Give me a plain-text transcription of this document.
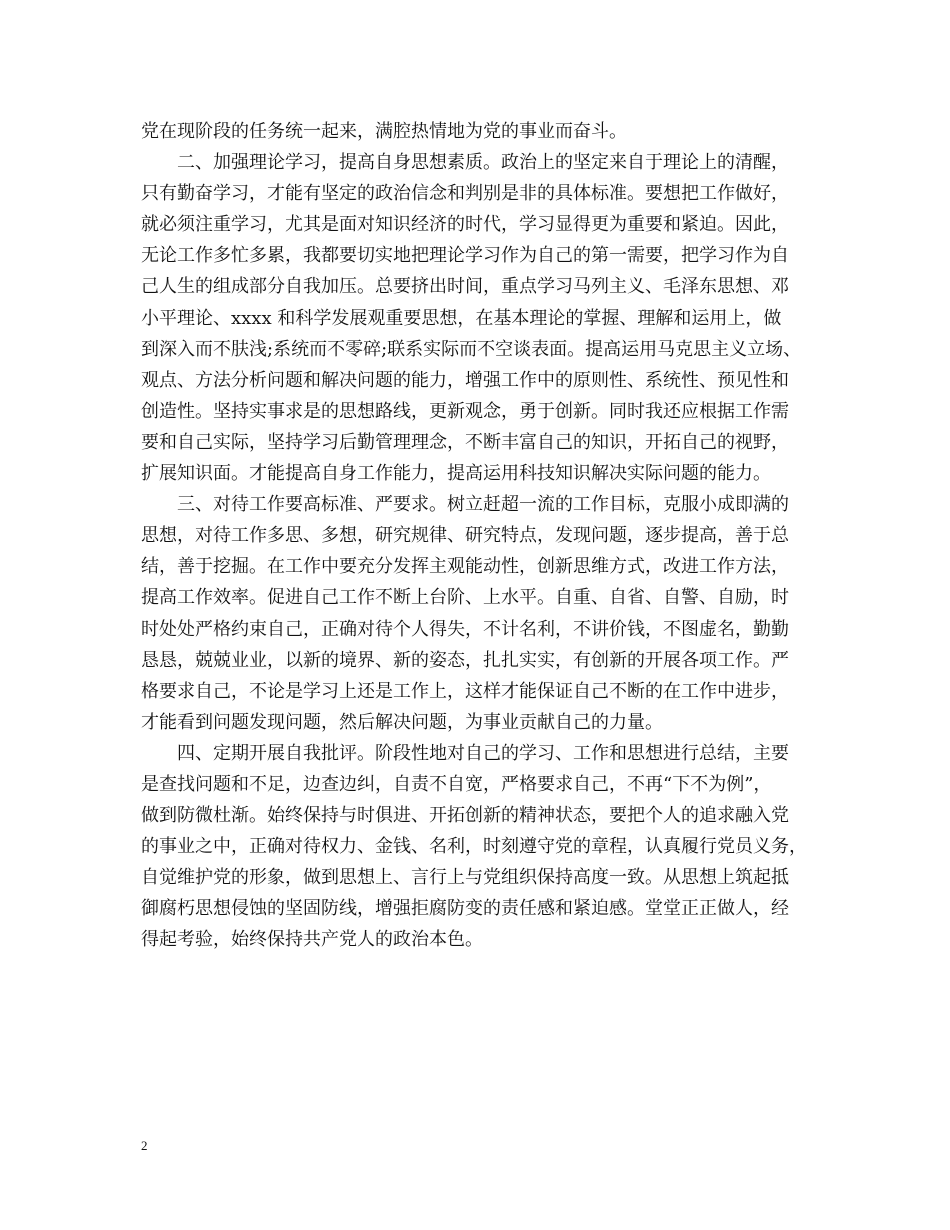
党在现阶段的任务统一起来，满腔热情地为党的事业而奋斗。
二、加强理论学习，提高自身思想素质。政治上的坚定来自于理论上的清醒，
只有勤奋学习，才能有坚定的政治信念和判别是非的具体标准。要想把工作做好，
就必须注重学习，尤其是面对知识经济的时代，学习显得更为重要和紧迫。因此，
无论工作多忙多累，我都要切实地把理论学习作为自己的第一需要，把学习作为自
己人生的组成部分自我加压。总要挤出时间，重点学习马列主义、毛泽东思想、邓
小平理论、xxxx 和科学发展观重要思想，在基本理论的掌握、理解和运用上，做
到深入而不肤浅;系统而不零碎;联系实际而不空谈表面。提高运用马克思主义立场、
观点、方法分析问题和解决问题的能力，增强工作中的原则性、系统性、预见性和
创造性。坚持实事求是的思想路线，更新观念，勇于创新。同时我还应根据工作需
要和自己实际，坚持学习后勤管理理念，不断丰富自己的知识，开拓自己的视野，
扩展知识面。才能提高自身工作能力，提高运用科技知识解决实际问题的能力。
三、对待工作要高标准、严要求。树立赶超一流的工作目标，克服小成即满的
思想，对待工作多思、多想，研究规律、研究特点，发现问题，逐步提高，善于总
结，善于挖掘。在工作中要充分发挥主观能动性，创新思维方式，改进工作方法，
提高工作效率。促进自己工作不断上台阶、上水平。自重、自省、自警、自励，时
时处处严格约束自己，正确对待个人得失，不计名利，不讲价钱，不图虚名，勤勤
恳恳，兢兢业业，以新的境界、新的姿态，扎扎实实，有创新的开展各项工作。严
格要求自己，不论是学习上还是工作上，这样才能保证自己不断的在工作中进步，
才能看到问题发现问题，然后解决问题，为事业贡献自己的力量。
四、定期开展自我批评。阶段性地对自己的学习、工作和思想进行总结，主要
是查找问题和不足，边查边纠，自责不自宽，严格要求自己，不再“下不为例”，
做到防微杜渐。始终保持与时俱进、开拓创新的精神状态，要把个人的追求融入党
的事业之中，正确对待权力、金钱、名利，时刻遵守党的章程，认真履行党员义务，
自觉维护党的形象，做到思想上、言行上与党组织保持高度一致。从思想上筑起抵
御腐朽思想侵蚀的坚固防线，增强拒腐防变的责任感和紧迫感。堂堂正正做人，经
得起考验，始终保持共产党人的政治本色。
2
